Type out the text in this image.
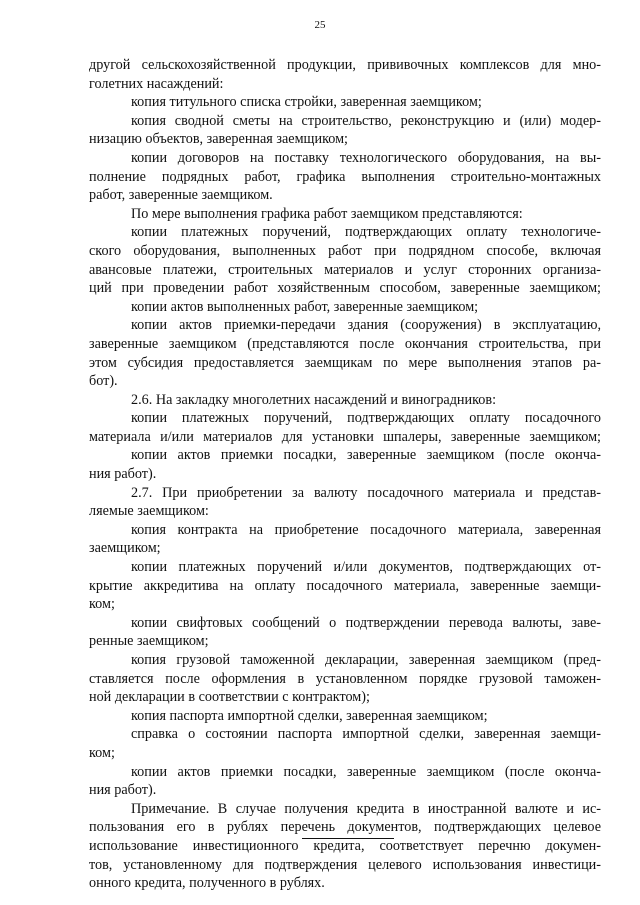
25
другой сельскохозяйственной продукции, прививочных комплексов для мно-
голетних насаждений:
копия титульного списка стройки, заверенная заемщиком;
копия сводной сметы на строительство, реконструкцию и (или) модер-
низацию объектов, заверенная заемщиком;
копии договоров на поставку технологического оборудования, на вы-
полнение подрядных работ, графика выполнения строительно-монтажных
работ, заверенные заемщиком.
По мере выполнения графика работ заемщиком представляются:
копии платежных поручений, подтверждающих оплату технологиче-
ского оборудования, выполненных работ при подрядном способе, включая
авансовые платежи, строительных материалов и услуг сторонних организа-
ций при проведении работ хозяйственным способом, заверенные заемщиком;
копии актов выполненных работ, заверенные заемщиком;
копии актов приемки-передачи здания (сооружения) в эксплуатацию,
заверенные заемщиком (представляются после окончания строительства, при
этом субсидия предоставляется заемщикам по мере выполнения этапов ра-
бот).
2.6. На закладку многолетних насаждений и виноградников:
копии платежных поручений, подтверждающих оплату посадочного
материала и/или материалов для установки шпалеры, заверенные заемщиком;
копии актов приемки посадки, заверенные заемщиком (после оконча-
ния работ).
2.7. При приобретении за валюту посадочного материала и представ-
ляемые заемщиком:
копия контракта на приобретение посадочного материала, заверенная
заемщиком;
копии платежных поручений и/или документов, подтверждающих от-
крытие аккредитива на оплату посадочного материала, заверенные заемщи-
ком;
копии свифтовых сообщений о подтверждении перевода валюты, заве-
ренные заемщиком;
копия грузовой таможенной декларации, заверенная заемщиком (пред-
ставляется после оформления в установленном порядке грузовой таможен-
ной декларации в соответствии с контрактом);
копия паспорта импортной сделки, заверенная заемщиком;
справка о состоянии паспорта импортной сделки, заверенная заемщи-
ком;
копии актов приемки посадки, заверенные заемщиком (после оконча-
ния работ).
Примечание. В случае получения кредита в иностранной валюте и ис-
пользования его в рублях перечень документов, подтверждающих целевое
использование инвестиционного кредита, соответствует перечню докумен-
тов, установленному для подтверждения целевого использования инвестици-
онного кредита, полученного в рублях.
